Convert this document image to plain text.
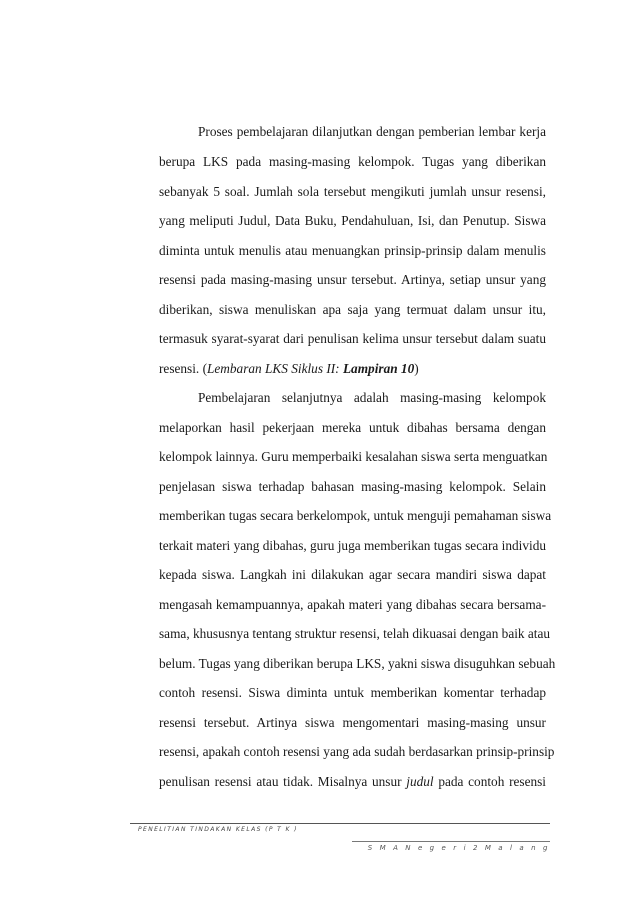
Proses pembelajaran dilanjutkan dengan pemberian lembar kerja
berupa LKS pada masing-masing kelompok. Tugas yang diberikan
sebanyak 5 soal. Jumlah sola tersebut mengikuti jumlah unsur resensi,
yang meliputi Judul, Data Buku, Pendahuluan, Isi, dan Penutup. Siswa
diminta untuk menulis atau menuangkan prinsip-prinsip dalam menulis
resensi pada masing-masing unsur tersebut. Artinya, setiap unsur yang
diberikan, siswa menuliskan apa saja yang termuat dalam unsur itu,
termasuk syarat-syarat dari penulisan kelima unsur tersebut dalam suatu
resensi. (Lembaran LKS Siklus II: Lampiran 10)
Pembelajaran selanjutnya adalah masing-masing kelompok
melaporkan hasil pekerjaan mereka untuk dibahas bersama dengan
kelompok lainnya. Guru memperbaiki kesalahan siswa serta menguatkan
penjelasan siswa terhadap bahasan masing-masing kelompok. Selain
memberikan tugas secara berkelompok, untuk menguji pemahaman siswa
terkait materi yang dibahas, guru juga memberikan tugas secara individu
kepada siswa. Langkah ini dilakukan agar secara mandiri siswa dapat
mengasah kemampuannya, apakah materi yang dibahas secara bersama-
sama, khususnya tentang struktur resensi, telah dikuasai dengan baik atau
belum. Tugas yang diberikan berupa LKS, yakni siswa disuguhkan sebuah
contoh resensi. Siswa diminta untuk memberikan komentar terhadap
resensi tersebut. Artinya siswa mengomentari masing-masing unsur
resensi, apakah contoh resensi yang ada sudah berdasarkan prinsip-prinsip
penulisan resensi atau tidak. Misalnya unsur judul pada contoh resensi
PENELITIAN TINDAKAN KELAS (P T K )
S M A N e g e r i 2 M a l a n g
